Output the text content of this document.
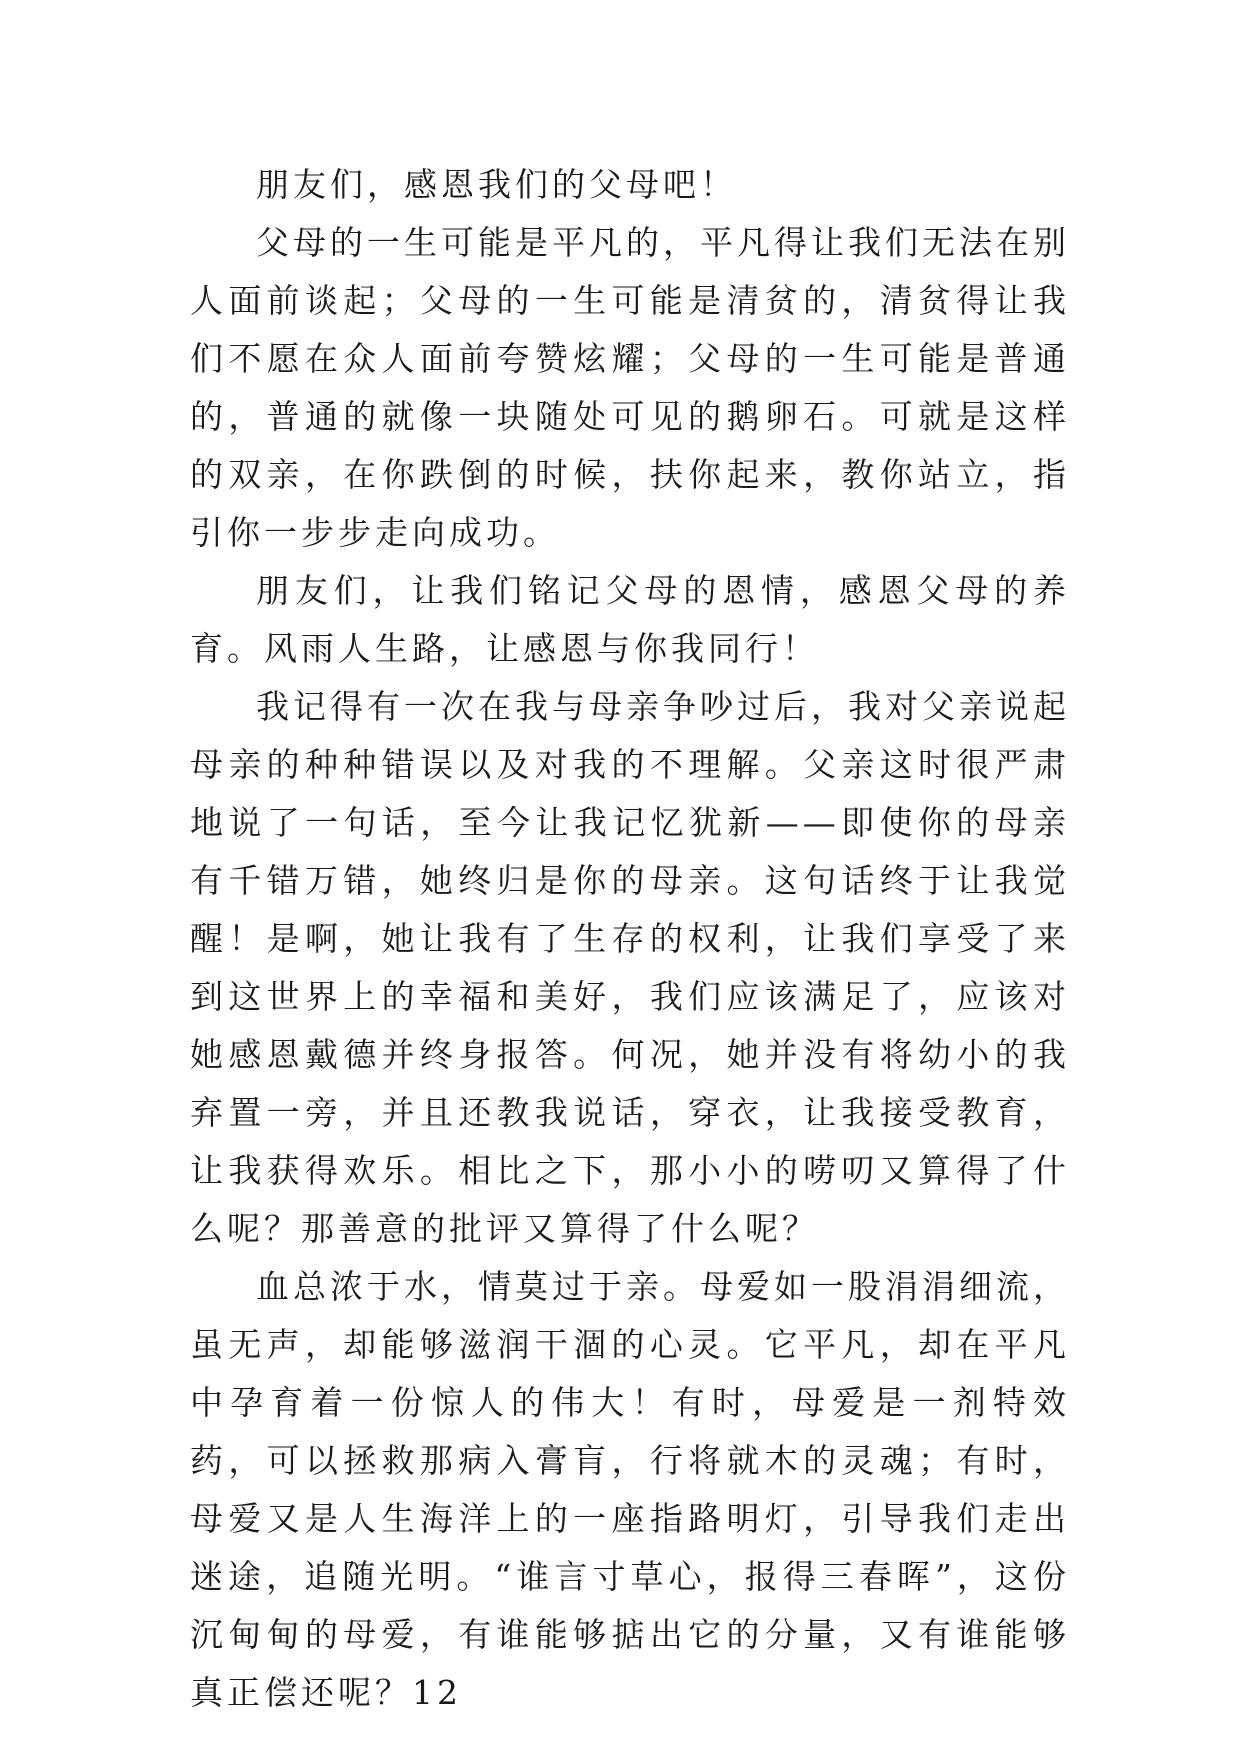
朋友们，感恩我们的父母吧！

父母的一生可能是平凡的，平凡得让我们无法在别人面前谈起；父母的一生可能是清贫的，清贫得让我们不愿在众人面前夸赞炫耀；父母的一生可能是普通的，普通的就像一块随处可见的鹅卵石。可就是这样的双亲，在你跌倒的时候，扶你起来，教你站立，指引你一步步走向成功。

朋友们，让我们铭记父母的恩情，感恩父母的养育。风雨人生路，让感恩与你我同行！

我记得有一次在我与母亲争吵过后，我对父亲说起母亲的种种错误以及对我的不理解。父亲这时很严肃地说了一句话，至今让我记忆犹新——即使你的母亲有千错万错，她终归是你的母亲。这句话终于让我觉醒！是啊，她让我有了生存的权利，让我们享受了来到这世界上的幸福和美好，我们应该满足了，应该对她感恩戴德并终身报答。何况，她并没有将幼小的我弃置一旁，并且还教我说话，穿衣，让我接受教育，让我获得欢乐。相比之下，那小小的唠叨又算得了什么呢？那善意的批评又算得了什么呢？

血总浓于水，情莫过于亲。母爱如一股涓涓细流，虽无声，却能够滋润干涸的心灵。它平凡，却在平凡中孕育着一份惊人的伟大！有时，母爱是一剂特效药，可以拯救那病入膏肓，行将就木的灵魂；有时，母爱又是人生海洋上的一座指路明灯，引导我们走出迷途，追随光明。“谁言寸草心，报得三春晖”，这份沉甸甸的母爱，有谁能够掂出它的分量，又有谁能够真正偿还呢？12
